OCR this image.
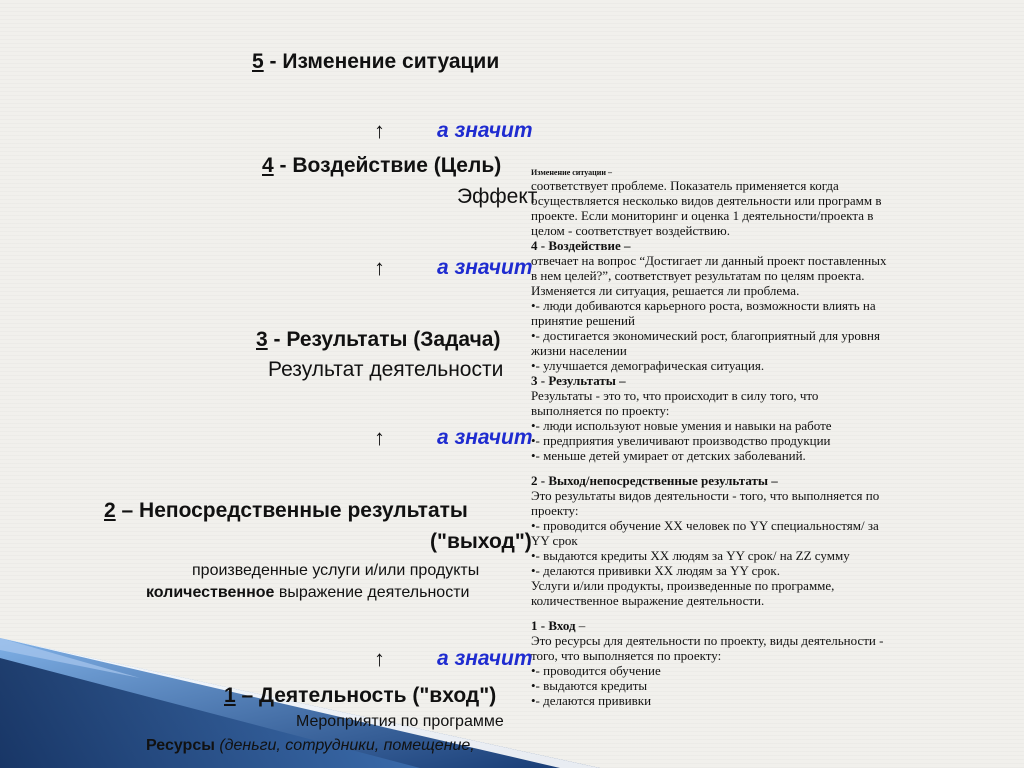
5 - Изменение ситуации
↑ а значит
4 - Воздействие (Цель)
Эффект
↑ а значит
3 - Результаты (Задача)
Результат деятельности
↑ а значит
2 – Непосредственные результаты
("выход")
произведенные услуги и/или продукты
количественное выражение деятельности
↑ а значит
1 – Деятельность ("вход")
Мероприятия по программе
Ресурсы (деньги, сотрудники, помещение,

Изменение ситуации –

соответствует проблеме. Показатель применяется когда

осуществляется несколько видов деятельности или программ в

проекте. Если мониторинг и оценка 1 деятельности/проекта в

целом - соответствует воздействию.

4 - Воздействие –

отвечает на вопрос “Достигает ли данный проект поставленных

в нем целей?”, соответствует результатам по целям проекта.

Изменяется ли ситуация, решается ли проблема.

•- люди добиваются карьерного роста, возможности влиять на

принятие решений

•- достигается экономический рост, благоприятный для уровня

жизни населении

•- улучшается демографическая ситуация.

3 - Результаты –

Результаты - это то, что происходит в силу того, что

выполняется по проекту:

•- люди используют новые умения и навыки на работе

•- предприятия увеличивают производство продукции

•- меньше детей умирает от детских заболеваний.

2 - Выход/непосредственные результаты –

Это результаты видов деятельности - того, что выполняется по

проекту:

•- проводится обучение XX человек по YY специальностям/ за

YY срок

•- выдаются кредиты XX людям за YY срок/ на ZZ сумму

•- делаются прививки XX людям за YY срок.

Услуги и/или продукты, произведенные по программе,

количественное выражение деятельности.

1 - Вход –

Это ресурсы для деятельности по проекту, виды деятельности -

того, что выполняется по проекту:

•- проводится обучение

•- выдаются кредиты

•- делаются прививки
